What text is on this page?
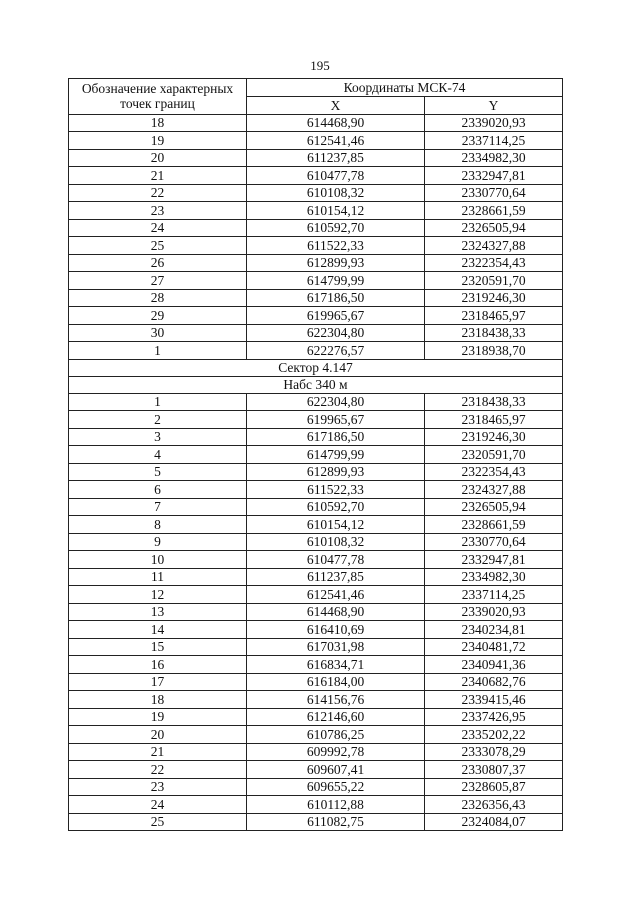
195
Обозначение характерных точек границ	Координаты МСК-74	
	X	Y
18	614468,90	2339020,93
19	612541,46	2337114,25
20	611237,85	2334982,30
21	610477,78	2332947,81
22	610108,32	2330770,64
23	610154,12	2328661,59
24	610592,70	2326505,94
25	611522,33	2324327,88
26	612899,93	2322354,43
27	614799,99	2320591,70
28	617186,50	2319246,30
29	619965,67	2318465,97
30	622304,80	2318438,33
1	622276,57	2318938,70
Сектор 4.147		
Набс 340 м		
1	622304,80	2318438,33
2	619965,67	2318465,97
3	617186,50	2319246,30
4	614799,99	2320591,70
5	612899,93	2322354,43
6	611522,33	2324327,88
7	610592,70	2326505,94
8	610154,12	2328661,59
9	610108,32	2330770,64
10	610477,78	2332947,81
11	611237,85	2334982,30
12	612541,46	2337114,25
13	614468,90	2339020,93
14	616410,69	2340234,81
15	617031,98	2340481,72
16	616834,71	2340941,36
17	616184,00	2340682,76
18	614156,76	2339415,46
19	612146,60	2337426,95
20	610786,25	2335202,22
21	609992,78	2333078,29
22	609607,41	2330807,37
23	609655,22	2328605,87
24	610112,88	2326356,43
25	611082,75	2324084,07
